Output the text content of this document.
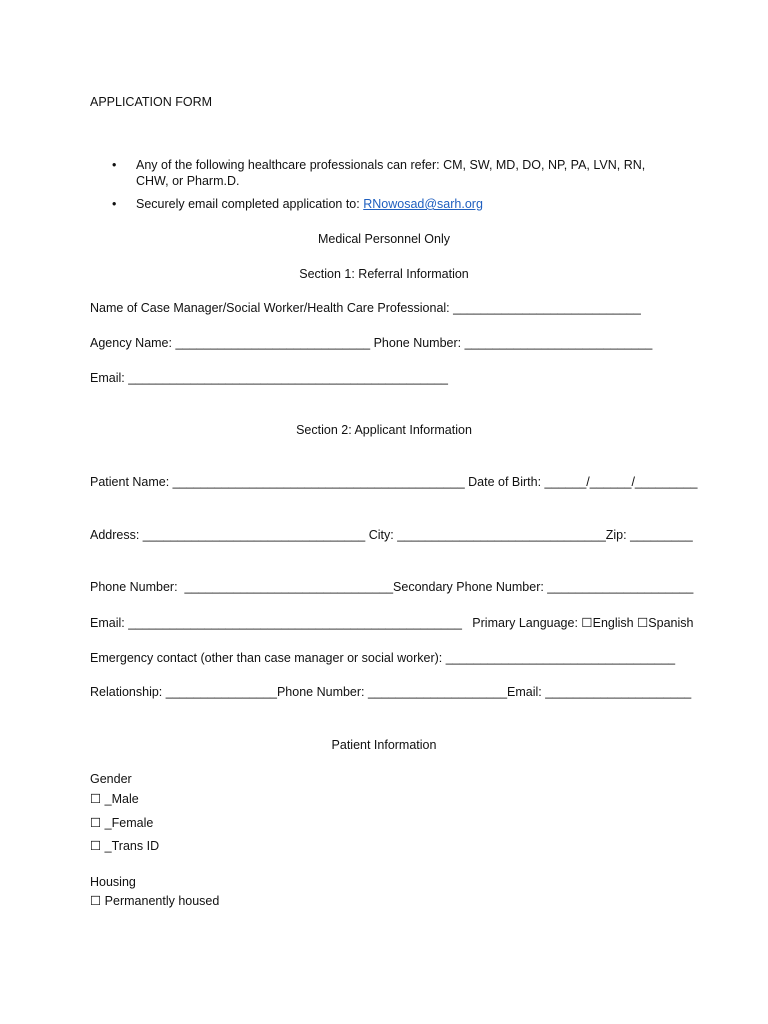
APPLICATION FORM
• Any of the following healthcare professionals can refer: CM, SW, MD, DO, NP, PA, LVN, RN, CHW, or Pharm.D.
• Securely email completed application to: RNowosad@sarh.org
Medical Personnel Only
Section 1: Referral Information
Name of Case Manager/Social Worker/Health Care Professional: ___________________________
Agency Name: ____________________________ Phone Number: ___________________________
Email: ______________________________________________
Section 2: Applicant Information
Patient Name: __________________________________________ Date of Birth: ______/______/_________
Address: ________________________________ City: ______________________________Zip: _________
Phone Number:  ______________________________Secondary Phone Number: _____________________
Email: ________________________________________________   Primary Language: ☐English ☐Spanish
Emergency contact (other than case manager or social worker): _________________________________
Relationship: ________________Phone Number: ____________________Email: _____________________
Patient Information
Gender
☐ _Male
☐ _Female
☐ _Trans ID
Housing
☐ Permanently housed
